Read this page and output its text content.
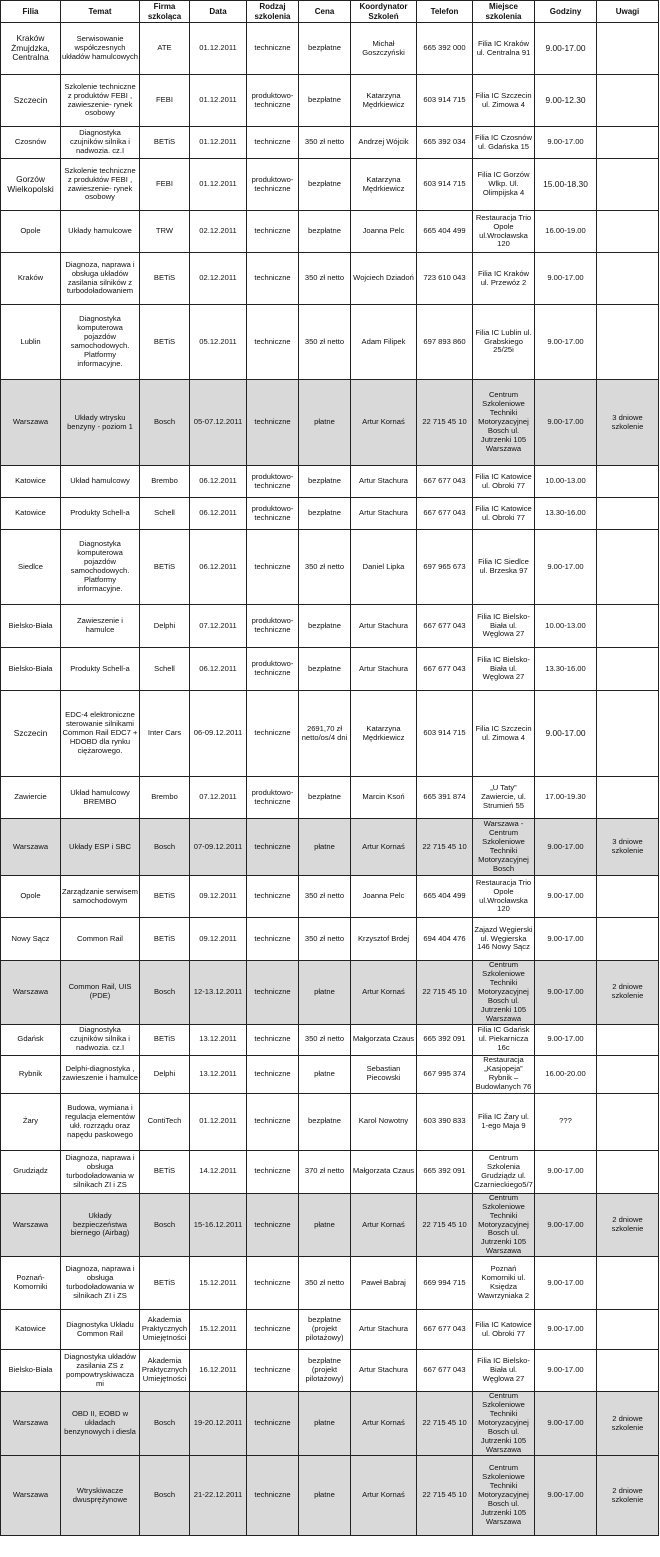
Filia	Temat	Firma szkoląca	Data	Rodzaj szkolenia	Cena	Koordynator Szkoleń	Telefon	Miejsce szkolenia	Godziny	Uwagi
Kraków Żmujdzka, Centralna	Serwisowanie współczesnych układów hamulcowych	ATE	01.12.2011	techniczne	bezpłatne	Michał Goszczyński	665 392 000	Filia IC Kraków ul. Centralna 91	9.00-17.00	
Szczecin	Szkolenie techniczne z produktów FEBI , zawieszenie- rynek osobowy	FEBI	01.12.2011	produktowo-techniczne	bezpłatne	Katarzyna Mędrkiewicz	603 914 715	Filia IC Szczecin ul. Zimowa 4	9.00-12.30	
Czosnów	Diagnostyka czujników silnika i nadwozia. cz.I	BETiS	01.12.2011	techniczne	350 zł netto	Andrzej Wójcik	665 392 034	Filia IC Czosnów ul. Gdańska 15	9.00-17.00	
Gorzów Wielkopolski	Szkolenie techniczne z produktów FEBI , zawieszenie- rynek osobowy	FEBI	01.12.2011	produktowo-techniczne	bezpłatne	Katarzyna Mędrkiewicz	603 914 715	Filia IC Gorzów Wlkp. Ul. Olimpijska 4	15.00-18.30	
Opole	Układy hamulcowe	TRW	02.12.2011	techniczne	bezpłatne	Joanna Pelc	665 404 499	Restauracja Trio Opole ul.Wrocławska 120	16.00-19.00	
Kraków	Diagnoza, naprawa i obsługa układów zasilania silników z turbodoładowaniem	BETiS	02.12.2011	techniczne	350 zł netto	Wojciech Dziadoń	723 610 043	Filia IC Kraków ul. Przewóz 2	9.00-17.00	
Lublin	Diagnostyka komputerowa pojazdów samochodowych. Platformy informacyjne.	BETiS	05.12.2011	techniczne	350 zł netto	Adam Filipek	697 893 860	Filia IC Lublin ul. Grabskiego 25/25i	9.00-17.00	
Warszawa	Układy wtrysku benzyny - poziom 1	Bosch	05-07.12.2011	techniczne	płatne	Artur Kornaś	22 715 45 10	Centrum Szkoleniowe Techniki Motoryzacyjnej Bosch ul. Jutrzenki 105 Warszawa	9.00-17.00	3 dniowe szkolenie
Katowice	Układ hamulcowy	Brembo	06.12.2011	produktowo-techniczne	bezpłatne	Artur Stachura	667 677 043	Filia IC Katowice ul. Obroki 77	10.00-13.00	
Katowice	Produkty Schell-a	Schell	06.12.2011	produktowo-techniczne	bezpłatne	Artur Stachura	667 677 043	Filia IC Katowice ul. Obroki 77	13.30-16.00	
Siedlce	Diagnostyka komputerowa pojazdów samochodowych. Platformy informacyjne.	BETiS	06.12.2011	techniczne	350 zł netto	Daniel Lipka	697 965 673	Filia IC Siedlce ul. Brzeska 97	9.00-17.00	
Bielsko-Biała	Zawieszenie i hamulce	Delphi	07.12.2011	produktowo-techniczne	bezpłatne	Artur Stachura	667 677 043	Filia IC Bielsko-Biała ul. Węglowa 27	10.00-13.00	
Bielsko-Biała	Produkty Schell-a	Schell	06.12.2011	produktowo-techniczne	bezpłatne	Artur Stachura	667 677 043	Filia IC Bielsko-Biała ul. Węglowa 27	13.30-16.00	
Szczecin	EDC-4 elektroniczne sterowanie silnikami Common Rail EDC7 + HDOBD dla rynku ciężarowego.	Inter Cars	06-09.12.2011	techniczne	2691,70 zł netto/os/4 dni	Katarzyna Mędrkiewicz	603 914 715	Filia IC Szczecin ul. Zimowa 4	9.00-17.00	
Zawiercie	Układ hamulcowy BREMBO	Brembo	07.12.2011	produktowo-techniczne	bezpłatne	Marcin Ksoń	665 391 874	„U Taty” Zawiercie, ul. Strumień 55	17.00-19.30	
Warszawa	Układy ESP i SBC	Bosch	07-09.12.2011	techniczne	płatne	Artur Kornaś	22 715 45 10	Warszawa - Centrum Szkoleniowe Techniki Motoryzacyjnej Bosch	9.00-17.00	3 dniowe szkolenie
Opole	Zarządzanie serwisem samochodowym	BETiS	09.12.2011	techniczne	350 zł netto	Joanna Pelc	665 404 499	Restauracja Trio Opole ul.Wrocławska 120	9.00-17.00	
Nowy Sącz	Common Rail	BETiS	09.12.2011	techniczne	350 zł netto	Krzysztof Brdej	694 404 476	Zajazd Węgierski ul. Węgierska 146 Nowy Sącz	9.00-17.00	
Warszawa	Common Rail, UIS (PDE)	Bosch	12-13.12.2011	techniczne	płatne	Artur Kornaś	22 715 45 10	Centrum Szkoleniowe Techniki Motoryzacyjnej Bosch ul. Jutrzenki 105 Warszawa	9.00-17.00	2 dniowe szkolenie
Gdańsk	Diagnostyka czujników silnika i nadwozia. cz.I	BETiS	13.12.2011	techniczne	350 zł netto	Małgorzata Czaus	665 392 091	Filia IC Gdańsk ul. Piekarnicza 16c	9.00-17.00	
Rybnik	Delphi-diagnostyka , zawieszenie i hamulce	Delphi	13.12.2011	techniczne	płatne	Sebastian Piecowski	667 995 374	Restauracja „Kasjopeja” Rybnik – Budowlanych 76	16.00-20.00	
Żary	Budowa, wymiana i regulacja elementów ukł. rozrządu oraz napędu paskowego	ContiTech	01.12.2011	techniczne	bezpłatne	Karol Nowotny	603 390 833	Filia IC Żary ul. 1-ego Maja 9	???	
Grudziądz	Diagnoza, naprawa i obsługa turbodoładowania w silnikach ZI i ZS	BETiS	14.12.2011	techniczne	370 zł netto	Małgorzata Czaus	665 392 091	Centrum Szkolenia Grudziądz ul. Czarnieckiego5/7	9.00-17.00	
Warszawa	Układy bezpieczeństwa biernego (Airbag)	Bosch	15-16.12.2011	techniczne	płatne	Artur Kornaś	22 715 45 10	Centrum Szkoleniowe Techniki Motoryzacyjnej Bosch ul. Jutrzenki 105 Warszawa	9.00-17.00	2 dniowe szkolenie
Poznań-Komorniki	Diagnoza, naprawa i obsługa turbodoładowania w silnikach ZI i ZS	BETiS	15.12.2011	techniczne	350 zł netto	Paweł Babraj	669 994 715	Poznań Komorniki ul. Księdza Wawrzyniaka 2	9.00-17.00	
Katowice	Diagnostyka Układu Common Rail	Akademia Praktycznych Umiejętności	15.12.2011	techniczne	bezpłatne (projekt pilotażowy)	Artur Stachura	667 677 043	Filia IC Katowice ul. Obroki 77	9.00-17.00	
Bielsko-Biała	Diagnostyka układów zasilania ZS z pompowtryskiwacza mi	Akademia Praktycznych Umiejętności	16.12.2011	techniczne	bezpłatne (projekt pilotażowy)	Artur Stachura	667 677 043	Filia IC Bielsko-Biała ul. Węglowa 27	9.00-17.00	
Warszawa	OBD II, EOBD w układach benzynowych i diesla	Bosch	19-20.12.2011	techniczne	płatne	Artur Kornaś	22 715 45 10	Centrum Szkoleniowe Techniki Motoryzacyjnej Bosch ul. Jutrzenki 105 Warszawa	9.00-17.00	2 dniowe szkolenie
Warszawa	Wtryskiwacze dwusprężynowe	Bosch	21-22.12.2011	techniczne	płatne	Artur Kornaś	22 715 45 10	Centrum Szkoleniowe Techniki Motoryzacyjnej Bosch ul. Jutrzenki 105 Warszawa	9.00-17.00	2 dniowe szkolenie
